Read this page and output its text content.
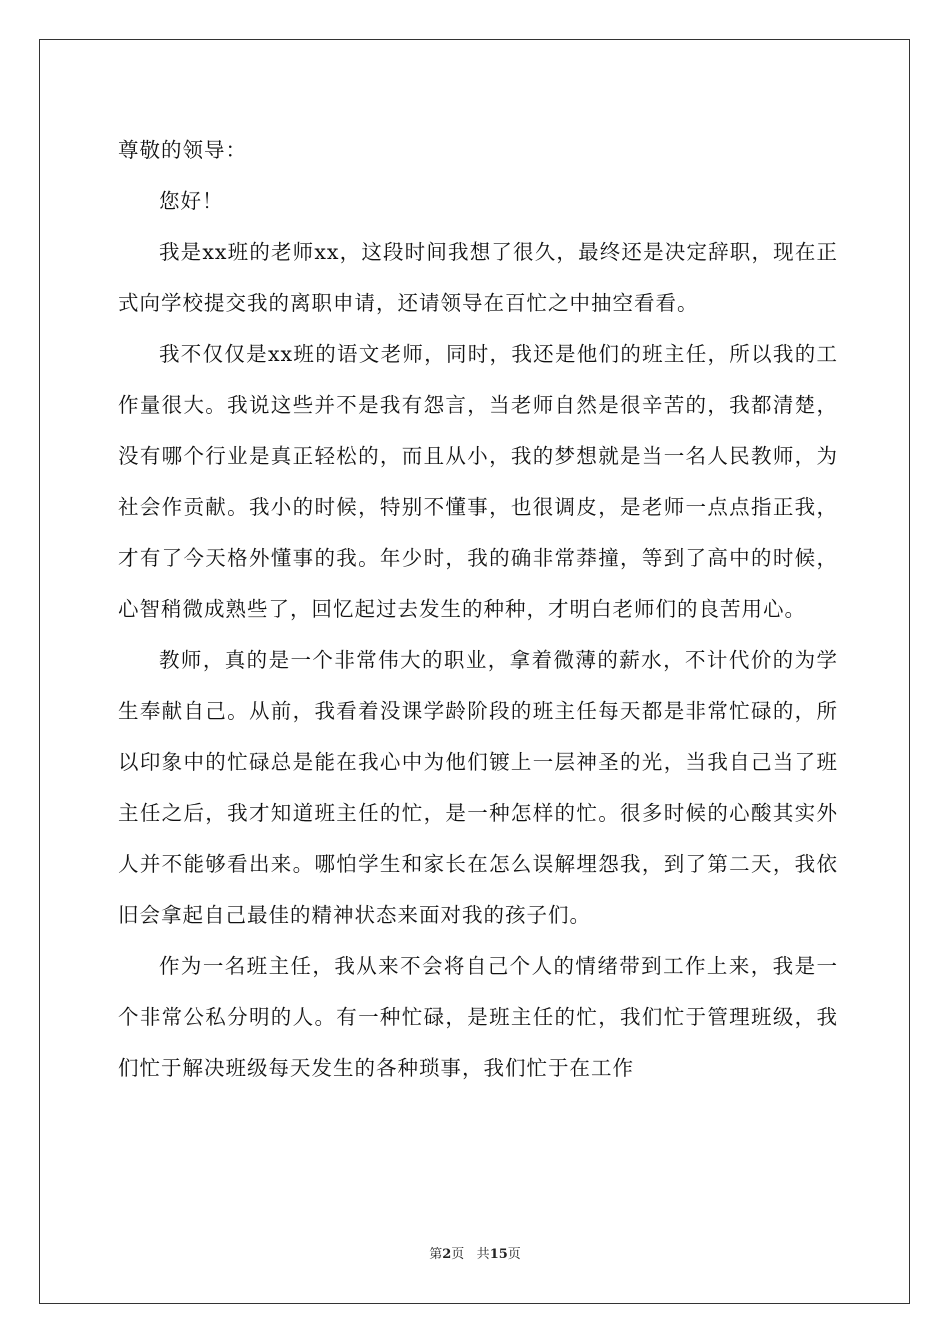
尊敬的领导：

您好！

我是xx班的老师xx，这段时间我想了很久，最终还是决定辞职，现在正式向学校提交我的离职申请，还请领导在百忙之中抽空看看。

我不仅仅是xx班的语文老师，同时，我还是他们的班主任，所以我的工作量很大。我说这些并不是我有怨言，当老师自然是很辛苦的，我都清楚，没有哪个行业是真正轻松的，而且从小，我的梦想就是当一名人民教师，为社会作贡献。我小的时候，特别不懂事，也很调皮，是老师一点点指正我，才有了今天格外懂事的我。年少时，我的确非常莽撞，等到了高中的时候，心智稍微成熟些了，回忆起过去发生的种种，才明白老师们的良苦用心。

教师，真的是一个非常伟大的职业，拿着微薄的薪水，不计代价的为学生奉献自己。从前，我看着没课学龄阶段的班主任每天都是非常忙碌的，所以印象中的忙碌总是能在我心中为他们镀上一层神圣的光，当我自己当了班主任之后，我才知道班主任的忙，是一种怎样的忙。很多时候的心酸其实外人并不能够看出来。哪怕学生和家长在怎么误解埋怨我，到了第二天，我依旧会拿起自己最佳的精神状态来面对我的孩子们。

作为一名班主任，我从来不会将自己个人的情绪带到工作上来，我是一个非常公私分明的人。有一种忙碌，是班主任的忙，我们忙于管理班级，我们忙于解决班级每天发生的各种琐事，我们忙于在工作

第2页 共15页
